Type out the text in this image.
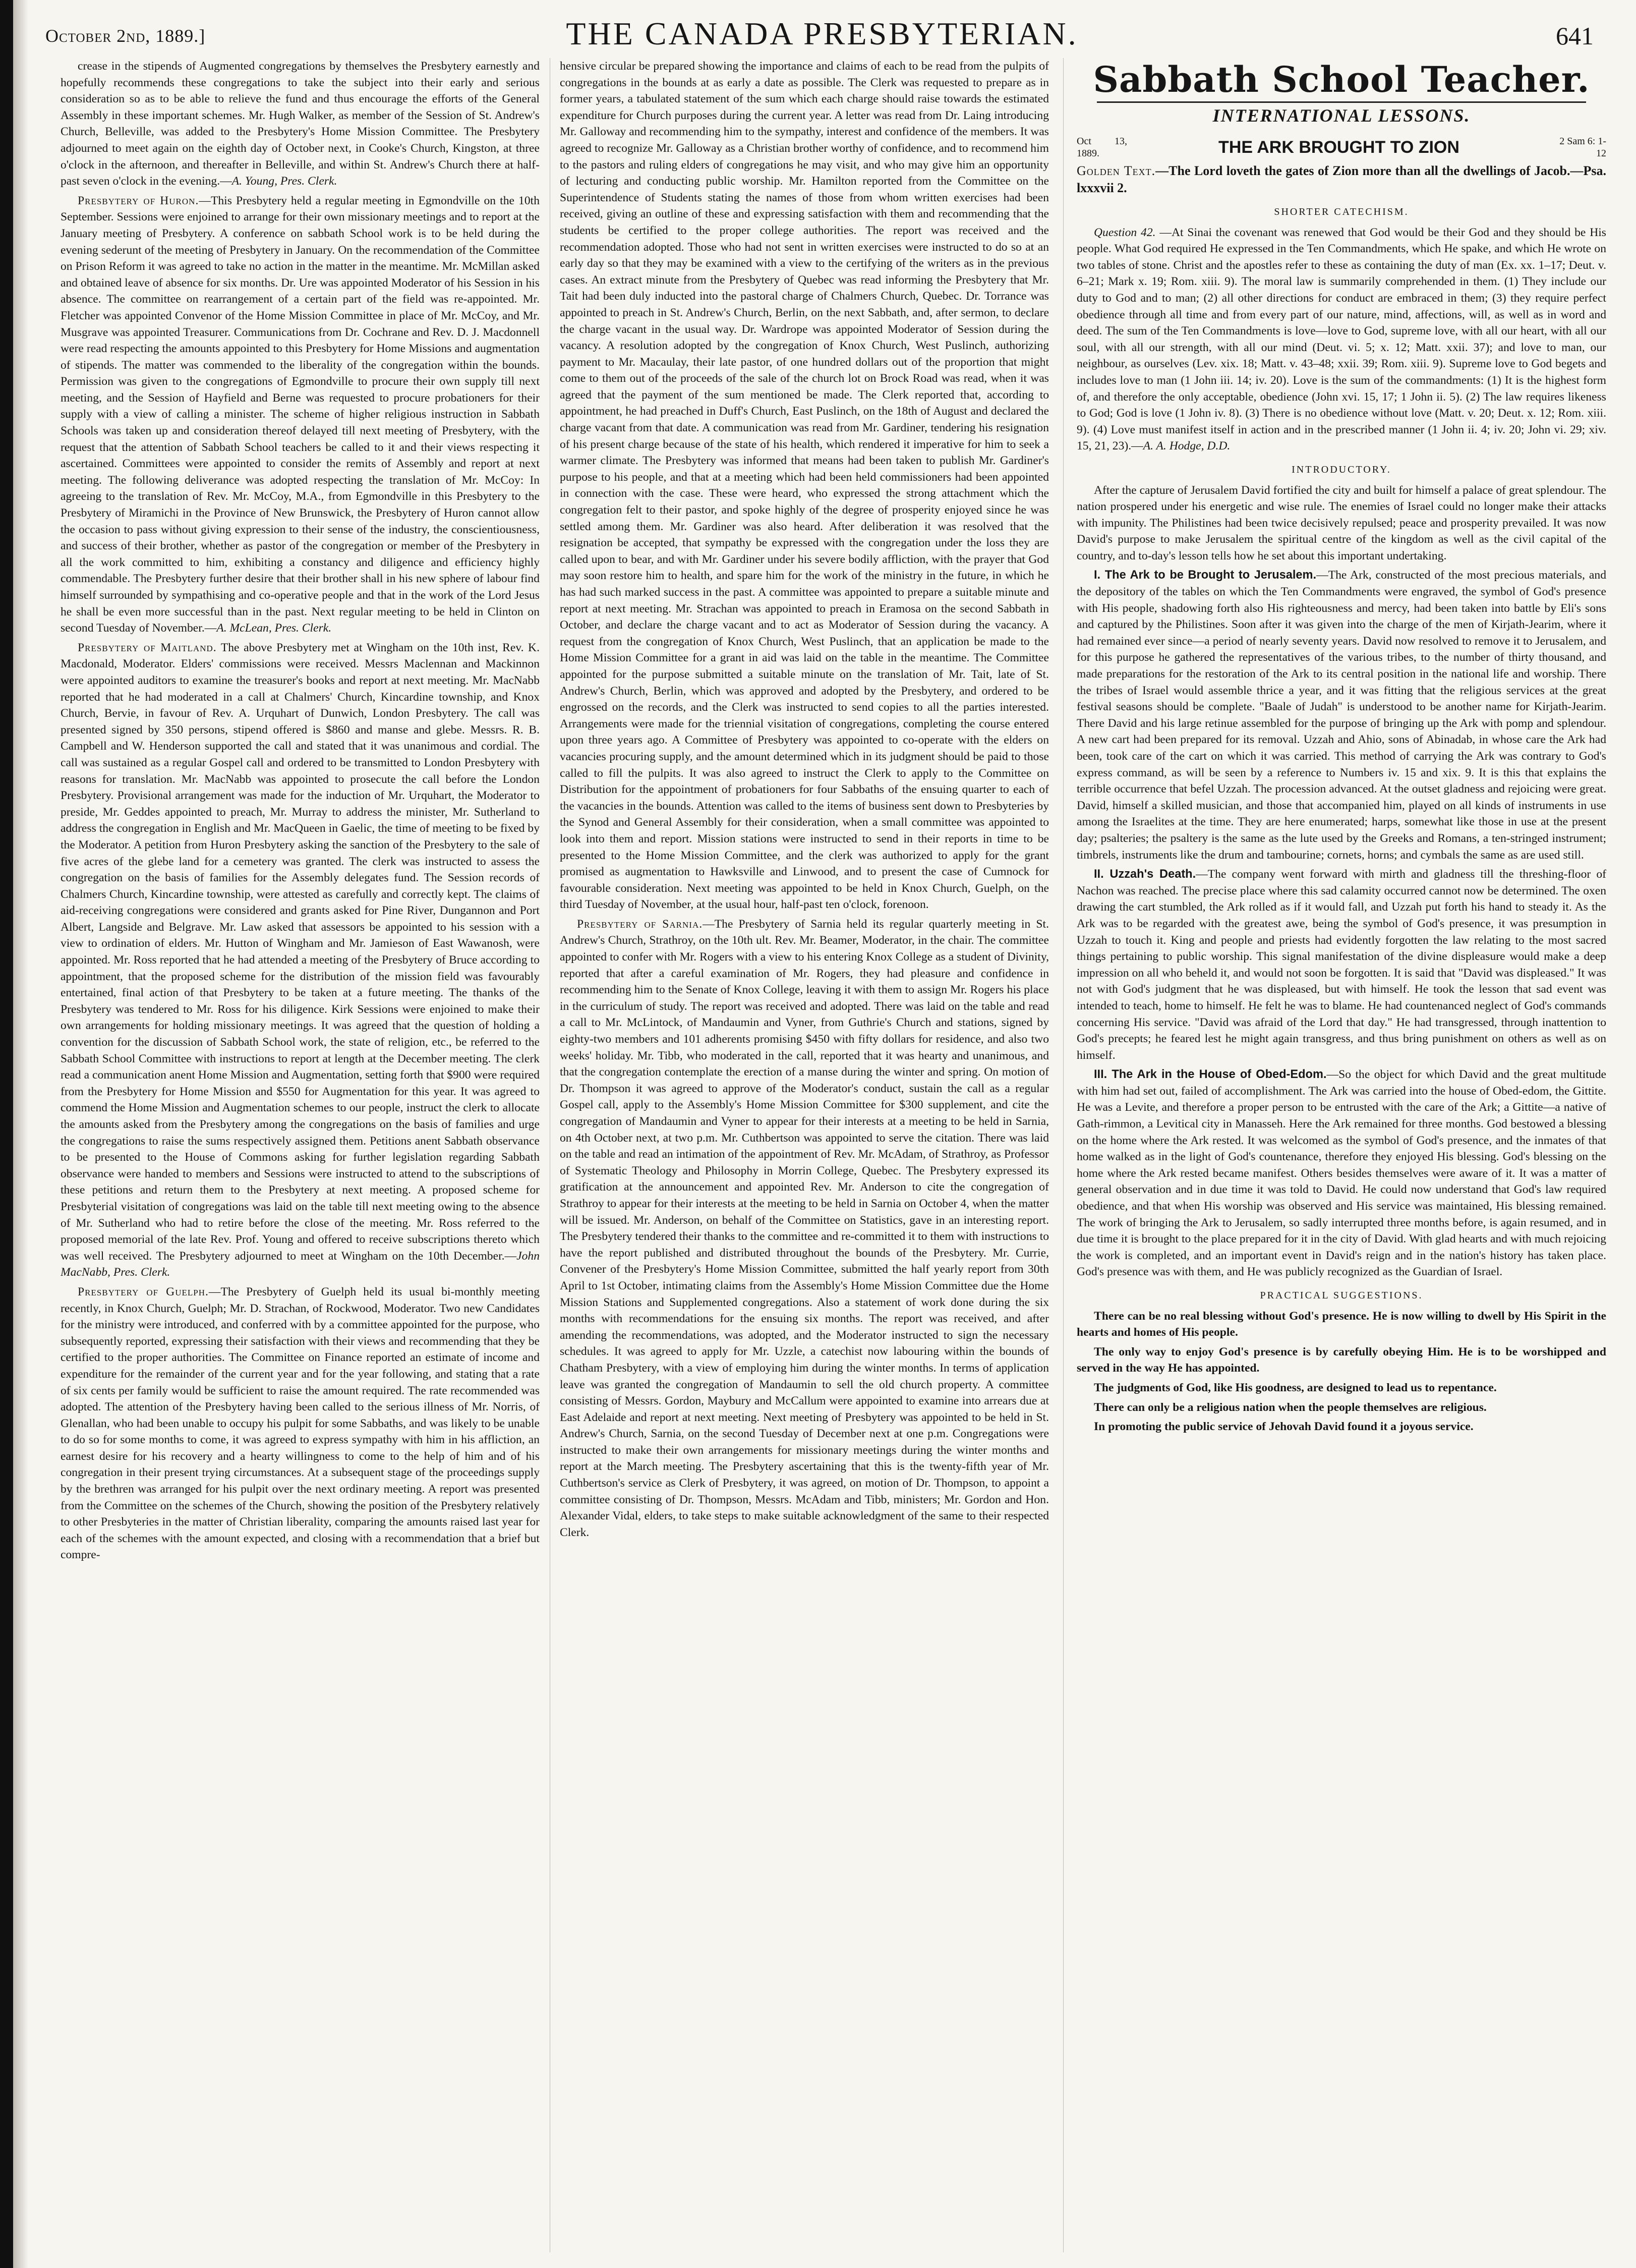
October 2nd, 1889.]	THE CANADA PRESBYTERIAN.	641

crease in the stipends of Augmented congregations by themselves the Presbytery earnestly and hopefully recommends these congregations to take the subject into their early and serious consideration so as to be able to relieve the fund and thus encourage the efforts of the General Assembly in these important schemes. Mr. Hugh Walker, as member of the Session of St. Andrew's Church, Belleville, was added to the Presbytery's Home Mission Committee. The Presbytery adjourned to meet again on the eighth day of October next, in Cooke's Church, Kingston, at three o'clock in the afternoon, and thereafter in Belleville, and within St. Andrew's Church there at half-past seven o'clock in the evening.—A. Young, Pres. Clerk.

Presbytery of Huron.—This Presbytery held a regular meeting in Egmondville on the 10th September. Sessions were enjoined to arrange for their own missionary meetings and to report at the January meeting of Presbytery. A conference on sabbath School work is to be held during the evening sederunt of the meeting of Presbytery in January. On the recommendation of the Committee on Prison Reform it was agreed to take no action in the matter in the meantime. Mr. McMillan asked and obtained leave of absence for six months. Dr. Ure was appointed Moderator of his Session in his absence. The committee on rearrangement of a certain part of the field was re-appointed. Mr. Fletcher was appointed Convenor of the Home Mission Committee in place of Mr. McCoy, and Mr. Musgrave was appointed Treasurer. Communications from Dr. Cochrane and Rev. D. J. Macdonnell were read respecting the amounts appointed to this Presbytery for Home Missions and augmentation of stipends. The matter was commended to the liberality of the congregation within the bounds. Permission was given to the congregations of Egmondville to procure their own supply till next meeting, and the Session of Hayfield and Berne was requested to procure probationers for their supply with a view of calling a minister. The scheme of higher religious instruction in Sabbath Schools was taken up and consideration thereof delayed till next meeting of Presbytery, with the request that the attention of Sabbath School teachers be called to it and their views respecting it ascertained. Committees were appointed to consider the remits of Assembly and report at next meeting. The following deliverance was adopted respecting the translation of Mr. McCoy: In agreeing to the translation of Rev. Mr. McCoy, M.A., from Egmondville in this Presbytery to the Presbytery of Miramichi in the Province of New Brunswick, the Presbytery of Huron cannot allow the occasion to pass without giving expression to their sense of the industry, the conscientiousness, and success of their brother, whether as pastor of the congregation or member of the Presbytery in all the work committed to him, exhibiting a constancy and diligence and efficiency highly commendable. The Presbytery further desire that their brother shall in his new sphere of labour find himself surrounded by sympathising and co-operative people and that in the work of the Lord Jesus he shall be even more successful than in the past. Next regular meeting to be held in Clinton on second Tuesday of November.—A. McLean, Pres. Clerk.

Presbytery of Maitland. The above Presbytery met at Wingham on the 10th inst, Rev. K. Macdonald, Moderator. Elders' commissions were received. Messrs Maclennan and Mackinnon were appointed auditors to examine the treasurer's books and report at next meeting. Mr. MacNabb reported that he had moderated in a call at Chalmers' Church, Kincardine township, and Knox Church, Bervie, in favour of Rev. A. Urquhart of Dunwich, London Presbytery. The call was presented signed by 350 persons, stipend offered is $860 and manse and glebe. Messrs. R. B. Campbell and W. Henderson supported the call and stated that it was unanimous and cordial. The call was sustained as a regular Gospel call and ordered to be transmitted to London Presbytery with reasons for translation. Mr. MacNabb was appointed to prosecute the call before the London Presbytery. Provisional arrangement was made for the induction of Mr. Urquhart, the Moderator to preside, Mr. Geddes appointed to preach, Mr. Murray to address the minister, Mr. Sutherland to address the congregation in English and Mr. MacQueen in Gaelic, the time of meeting to be fixed by the Moderator. A petition from Huron Presbytery asking the sanction of the Presbytery to the sale of five acres of the glebe land for a cemetery was granted. The clerk was instructed to assess the congregation on the basis of families for the Assembly delegates fund. The Session records of Chalmers Church, Kincardine township, were attested as carefully and correctly kept. The claims of aid-receiving congregations were considered and grants asked for Pine River, Dungannon and Port Albert, Langside and Belgrave. Mr. Law asked that assessors be appointed to his session with a view to ordination of elders. Mr. Hutton of Wingham and Mr. Jamieson of East Wawanosh, were appointed. Mr. Ross reported that he had attended a meeting of the Presbytery of Bruce according to appointment, that the proposed scheme for the distribution of the mission field was favourably entertained, final action of that Presbytery to be taken at a future meeting. The thanks of the Presbytery was tendered to Mr. Ross for his diligence. Kirk Sessions were enjoined to make their own arrangements for holding missionary meetings. It was agreed that the question of holding a convention for the discussion of Sabbath School work, the state of religion, etc., be referred to the Sabbath School Committee with instructions to report at length at the December meeting. The clerk read a communication anent Home Mission and Augmentation, setting forth that $900 were required from the Presbytery for Home Mission and $550 for Augmentation for this year. It was agreed to commend the Home Mission and Augmentation schemes to our people, instruct the clerk to allocate the amounts asked from the Presbytery among the congregations on the basis of families and urge the congregations to raise the sums respectively assigned them. Petitions anent Sabbath observance to be presented to the House of Commons asking for further legislation regarding Sabbath observance were handed to members and Sessions were instructed to attend to the subscriptions of these petitions and return them to the Presbytery at next meeting. A proposed scheme for Presbyterial visitation of congregations was laid on the table till next meeting owing to the absence of Mr. Sutherland who had to retire before the close of the meeting. Mr. Ross referred to the proposed memorial of the late Rev. Prof. Young and offered to receive subscriptions thereto which was well received. The Presbytery adjourned to meet at Wingham on the 10th December.—John MacNabb, Pres. Clerk.

Presbytery of Guelph.—The Presbytery of Guelph held its usual bi-monthly meeting recently, in Knox Church, Guelph; Mr. D. Strachan, of Rockwood, Moderator. Two new Candidates for the ministry were introduced, and conferred with by a committee appointed for the purpose, who subsequently reported, expressing their satisfaction with their views and recommending that they be certified to the proper authorities. The Committee on Finance reported an estimate of income and expenditure for the remainder of the current year and for the year following, and stating that a rate of six cents per family would be sufficient to raise the amount required. The rate recommended was adopted. The attention of the Presbytery having been called to the serious illness of Mr. Norris, of Glenallan, who had been unable to occupy his pulpit for some Sabbaths, and was likely to be unable to do so for some months to come, it was agreed to express sympathy with him in his affliction, an earnest desire for his recovery and a hearty willingness to come to the help of him and of his congregation in their present trying circumstances. At a subsequent stage of the proceedings supply by the brethren was arranged for his pulpit over the next ordinary meeting. A report was presented from the Committee on the schemes of the Church, showing the position of the Presbytery relatively to other Presbyteries in the matter of Christian liberality, comparing the amounts raised last year for each of the schemes with the amount expected, and closing with a recommendation that a brief but compre-

hensive circular be prepared showing the importance and claims of each to be read from the pulpits of congregations in the bounds at as early a date as possible. The Clerk was requested to prepare as in former years, a tabulated statement of the sum which each charge should raise towards the estimated expenditure for Church purposes during the current year. A letter was read from Dr. Laing introducing Mr. Galloway and recommending him to the sympathy, interest and confidence of the members. It was agreed to recognize Mr. Galloway as a Christian brother worthy of confidence, and to recommend him to the pastors and ruling elders of congregations he may visit, and who may give him an opportunity of lecturing and conducting public worship. Mr. Hamilton reported from the Committee on the Superintendence of Students stating the names of those from whom written exercises had been received, giving an outline of these and expressing satisfaction with them and recommending that the students be certified to the proper college authorities. The report was received and the recommendation adopted. Those who had not sent in written exercises were instructed to do so at an early day so that they may be examined with a view to the certifying of the writers as in the previous cases. An extract minute from the Presbytery of Quebec was read informing the Presbytery that Mr. Tait had been duly inducted into the pastoral charge of Chalmers Church, Quebec. Dr. Torrance was appointed to preach in St. Andrew's Church, Berlin, on the next Sabbath, and, after sermon, to declare the charge vacant in the usual way. Dr. Wardrope was appointed Moderator of Session during the vacancy. A resolution adopted by the congregation of Knox Church, West Puslinch, authorizing payment to Mr. Macaulay, their late pastor, of one hundred dollars out of the proportion that might come to them out of the proceeds of the sale of the church lot on Brock Road was read, when it was agreed that the payment of the sum mentioned be made. The Clerk reported that, according to appointment, he had preached in Duff's Church, East Puslinch, on the 18th of August and declared the charge vacant from that date. A communication was read from Mr. Gardiner, tendering his resignation of his present charge because of the state of his health, which rendered it imperative for him to seek a warmer climate. The Presbytery was informed that means had been taken to publish Mr. Gardiner's purpose to his people, and that at a meeting which had been held commissioners had been appointed in connection with the case. These were heard, who expressed the strong attachment which the congregation felt to their pastor, and spoke highly of the degree of prosperity enjoyed since he was settled among them. Mr. Gardiner was also heard. After deliberation it was resolved that the resignation be accepted, that sympathy be expressed with the congregation under the loss they are called upon to bear, and with Mr. Gardiner under his severe bodily affliction, with the prayer that God may soon restore him to health, and spare him for the work of the ministry in the future, in which he has had such marked success in the past. A committee was appointed to prepare a suitable minute and report at next meeting. Mr. Strachan was appointed to preach in Eramosa on the second Sabbath in October, and declare the charge vacant and to act as Moderator of Session during the vacancy. A request from the congregation of Knox Church, West Puslinch, that an application be made to the Home Mission Committee for a grant in aid was laid on the table in the meantime. The Committee appointed for the purpose submitted a suitable minute on the translation of Mr. Tait, late of St. Andrew's Church, Berlin, which was approved and adopted by the Presbytery, and ordered to be engrossed on the records, and the Clerk was instructed to send copies to all the parties interested. Arrangements were made for the triennial visitation of congregations, completing the course entered upon three years ago. A Committee of Presbytery was appointed to co-operate with the elders on vacancies procuring supply, and the amount determined which in its judgment should be paid to those called to fill the pulpits. It was also agreed to instruct the Clerk to apply to the Committee on Distribution for the appointment of probationers for four Sabbaths of the ensuing quarter to each of the vacancies in the bounds. Attention was called to the items of business sent down to Presbyteries by the Synod and General Assembly for their consideration, when a small committee was appointed to look into them and report. Mission stations were instructed to send in their reports in time to be presented to the Home Mission Committee, and the clerk was authorized to apply for the grant promised as augmentation to Hawksville and Linwood, and to present the case of Cumnock for favourable consideration. Next meeting was appointed to be held in Knox Church, Guelph, on the third Tuesday of November, at the usual hour, half-past ten o'clock, forenoon.

Presbytery of Sarnia.—The Presbytery of Sarnia held its regular quarterly meeting in St. Andrew's Church, Strathroy, on the 10th ult. Rev. Mr. Beamer, Moderator, in the chair. The committee appointed to confer with Mr. Rogers with a view to his entering Knox College as a student of Divinity, reported that after a careful examination of Mr. Rogers, they had pleasure and confidence in recommending him to the Senate of Knox College, leaving it with them to assign Mr. Rogers his place in the curriculum of study. The report was received and adopted. There was laid on the table and read a call to Mr. McLintock, of Mandaumin and Vyner, from Guthrie's Church and stations, signed by eighty-two members and 101 adherents promising $450 with fifty dollars for residence, and also two weeks' holiday. Mr. Tibb, who moderated in the call, reported that it was hearty and unanimous, and that the congregation contemplate the erection of a manse during the winter and spring. On motion of Dr. Thompson it was agreed to approve of the Moderator's conduct, sustain the call as a regular Gospel call, apply to the Assembly's Home Mission Committee for $300 supplement, and cite the congregation of Mandaumin and Vyner to appear for their interests at a meeting to be held in Sarnia, on 4th October next, at two p.m. Mr. Cuthbertson was appointed to serve the citation. There was laid on the table and read an intimation of the appointment of Rev. Mr. McAdam, of Strathroy, as Professor of Systematic Theology and Philosophy in Morrin College, Quebec. The Presbytery expressed its gratification at the announcement and appointed Rev. Mr. Anderson to cite the congregation of Strathroy to appear for their interests at the meeting to be held in Sarnia on October 4, when the matter will be issued. Mr. Anderson, on behalf of the Committee on Statistics, gave in an interesting report. The Presbytery tendered their thanks to the committee and re-committed it to them with instructions to have the report published and distributed throughout the bounds of the Presbytery. Mr. Currie, Convener of the Presbytery's Home Mission Committee, submitted the half yearly report from 30th April to 1st October, intimating claims from the Assembly's Home Mission Committee due the Home Mission Stations and Supplemented congregations. Also a statement of work done during the six months with recommendations for the ensuing six months. The report was received, and after amending the recommendations, was adopted, and the Moderator instructed to sign the necessary schedules. It was agreed to apply for Mr. Uzzle, a catechist now labouring within the bounds of Chatham Presbytery, with a view of employing him during the winter months. In terms of application leave was granted the congregation of Mandaumin to sell the old church property. A committee consisting of Messrs. Gordon, Maybury and McCallum were appointed to examine into arrears due at East Adelaide and report at next meeting. Next meeting of Presbytery was appointed to be held in St. Andrew's Church, Sarnia, on the second Tuesday of December next at one p.m. Congregations were instructed to make their own arrangements for missionary meetings during the winter months and report at the March meeting. The Presbytery ascertaining that this is the twenty-fifth year of Mr. Cuthbertson's service as Clerk of Presbytery, it was agreed, on motion of Dr. Thompson, to appoint a committee consisting of Dr. Thompson, Messrs. McAdam and Tibb, ministers; Mr. Gordon and Hon. Alexander Vidal, elders, to take steps to make suitable acknowledgment of the same to their respected Clerk.

Sabbath School Teacher.
INTERNATIONAL LESSONS.
Oct 13, 1889.	THE ARK BROUGHT TO ZION	2 Sam 6: 1-12
Golden Text.—The Lord loveth the gates of Zion more than all the dwellings of Jacob.—Psa. lxxxvii 2.
SHORTER CATECHISM.

Question 42. —At Sinai the covenant was renewed that God would be their God and they should be His people. What God required He expressed in the Ten Commandments, which He spake, and which He wrote on two tables of stone. Christ and the apostles refer to these as containing the duty of man (Ex. xx. 1–17; Deut. v. 6–21; Mark x. 19; Rom. xiii. 9). The moral law is summarily comprehended in them. (1) They include our duty to God and to man; (2) all other directions for conduct are embraced in them; (3) they require perfect obedience through all time and from every part of our nature, mind, affections, will, as well as in word and deed. The sum of the Ten Commandments is love—love to God, supreme love, with all our heart, with all our soul, with all our strength, with all our mind (Deut. vi. 5; x. 12; Matt. xxii. 37); and love to man, our neighbour, as ourselves (Lev. xix. 18; Matt. v. 43–48; xxii. 39; Rom. xiii. 9). Supreme love to God begets and includes love to man (1 John iii. 14; iv. 20). Love is the sum of the commandments: (1) It is the highest form of, and therefore the only acceptable, obedience (John xvi. 15, 17; 1 John ii. 5). (2) The law requires likeness to God; God is love (1 John iv. 8). (3) There is no obedience without love (Matt. v. 20; Deut. x. 12; Rom. xiii. 9). (4) Love must manifest itself in action and in the prescribed manner (1 John ii. 4; iv. 20; John vi. 29; xiv. 15, 21, 23).—A. A. Hodge, D.D.

INTRODUCTORY.

After the capture of Jerusalem David fortified the city and built for himself a palace of great splendour. The nation prospered under his energetic and wise rule. The enemies of Israel could no longer make their attacks with impunity. The Philistines had been twice decisively repulsed; peace and prosperity prevailed. It was now David's purpose to make Jerusalem the spiritual centre of the kingdom as well as the civil capital of the country, and to-day's lesson tells how he set about this important undertaking.

I. The Ark to be Brought to Jerusalem.—The Ark, constructed of the most precious materials, and the depository of the tables on which the Ten Commandments were engraved, the symbol of God's presence with His people, shadowing forth also His righteousness and mercy, had been taken into battle by Eli's sons and captured by the Philistines. Soon after it was given into the charge of the men of Kirjath-Jearim, where it had remained ever since—a period of nearly seventy years. David now resolved to remove it to Jerusalem, and for this purpose he gathered the representatives of the various tribes, to the number of thirty thousand, and made preparations for the restoration of the Ark to its central position in the national life and worship. There the tribes of Israel would assemble thrice a year, and it was fitting that the religious services at the great festival seasons should be complete. "Baale of Judah" is understood to be another name for Kirjath-Jearim. There David and his large retinue assembled for the purpose of bringing up the Ark with pomp and splendour. A new cart had been prepared for its removal. Uzzah and Ahio, sons of Abinadab, in whose care the Ark had been, took care of the cart on which it was carried. This method of carrying the Ark was contrary to God's express command, as will be seen by a reference to Numbers iv. 15 and xix. 9. It is this that explains the terrible occurrence that befel Uzzah. The procession advanced. At the outset gladness and rejoicing were great. David, himself a skilled musician, and those that accompanied him, played on all kinds of instruments in use among the Israelites at the time. They are here enumerated; harps, somewhat like those in use at the present day; psalteries; the psaltery is the same as the lute used by the Greeks and Romans, a ten-stringed instrument; timbrels, instruments like the drum and tambourine; cornets, horns; and cymbals the same as are used still.

II. Uzzah's Death.—The company went forward with mirth and gladness till the threshing-floor of Nachon was reached. The precise place where this sad calamity occurred cannot now be determined. The oxen drawing the cart stumbled, the Ark rolled as if it would fall, and Uzzah put forth his hand to steady it. As the Ark was to be regarded with the greatest awe, being the symbol of God's presence, it was presumption in Uzzah to touch it. King and people and priests had evidently forgotten the law relating to the most sacred things pertaining to public worship. This signal manifestation of the divine displeasure would make a deep impression on all who beheld it, and would not soon be forgotten. It is said that "David was displeased." It was not with God's judgment that he was displeased, but with himself. He took the lesson that sad event was intended to teach, home to himself. He felt he was to blame. He had countenanced neglect of God's commands concerning His service. "David was afraid of the Lord that day." He had transgressed, through inattention to God's precepts; he feared lest he might again transgress, and thus bring punishment on others as well as on himself.

III. The Ark in the House of Obed-Edom.—So the object for which David and the great multitude with him had set out, failed of accomplishment. The Ark was carried into the house of Obed-edom, the Gittite. He was a Levite, and therefore a proper person to be entrusted with the care of the Ark; a Gittite—a native of Gath-rimmon, a Levitical city in Manasseh. Here the Ark remained for three months. God bestowed a blessing on the home where the Ark rested. It was welcomed as the symbol of God's presence, and the inmates of that home walked as in the light of God's countenance, therefore they enjoyed His blessing. God's blessing on the home where the Ark rested became manifest. Others besides themselves were aware of it. It was a matter of general observation and in due time it was told to David. He could now understand that God's law required obedience, and that when His worship was observed and His service was maintained, His blessing remained. The work of bringing the Ark to Jerusalem, so sadly interrupted three months before, is again resumed, and in due time it is brought to the place prepared for it in the city of David. With glad hearts and with much rejoicing the work is completed, and an important event in David's reign and in the nation's history has taken place. God's presence was with them, and He was publicly recognized as the Guardian of Israel.

PRACTICAL SUGGESTIONS.

There can be no real blessing without God's presence. He is now willing to dwell by His Spirit in the hearts and homes of His people.

The only way to enjoy God's presence is by carefully obeying Him. He is to be worshipped and served in the way He has appointed.

The judgments of God, like His goodness, are designed to lead us to repentance.

There can only be a religious nation when the people themselves are religious.

In promoting the public service of Jehovah David found it a joyous service.
